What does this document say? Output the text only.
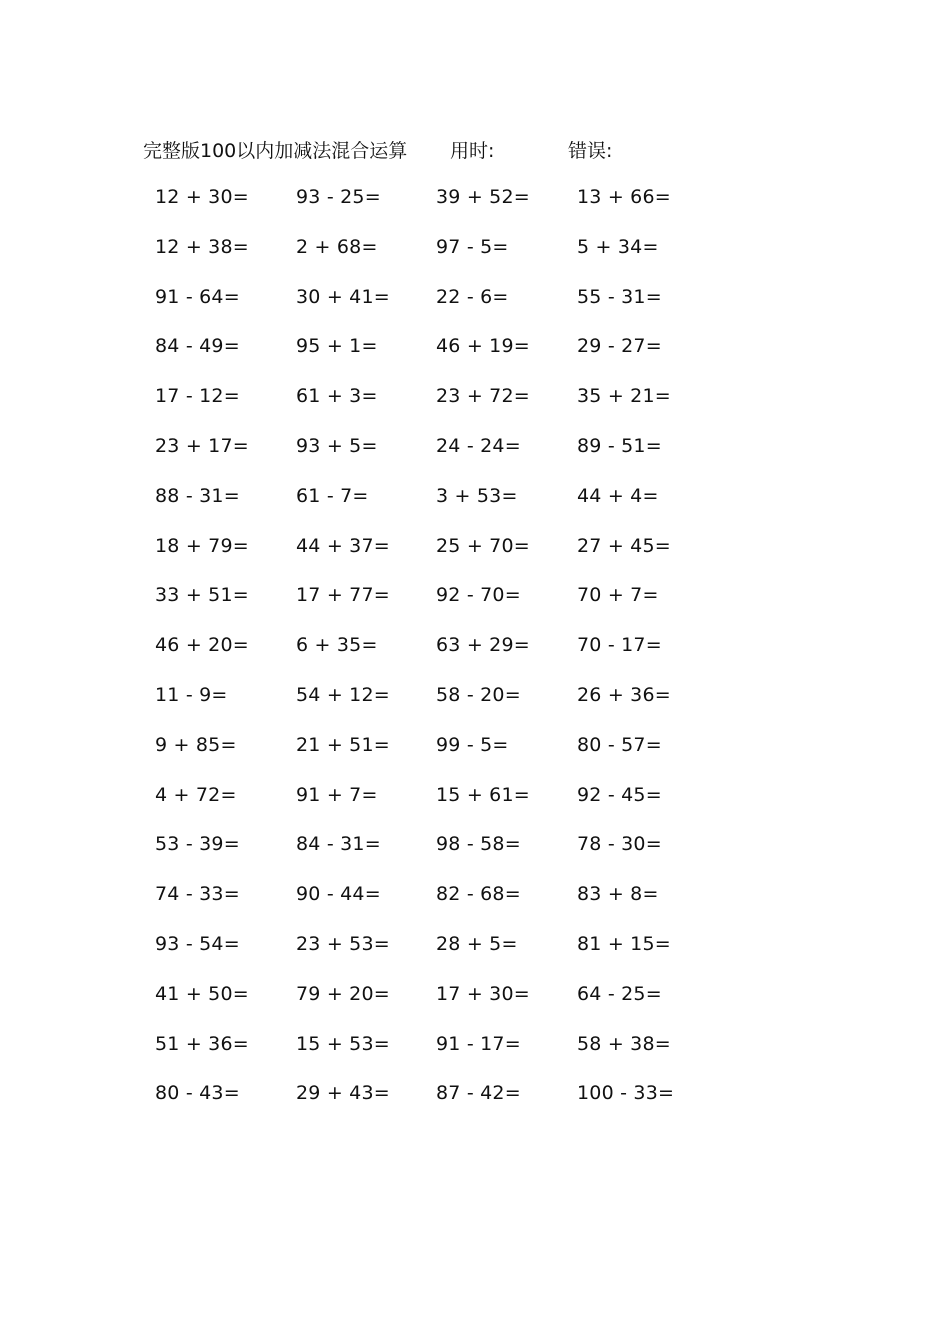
完整版100以内加减法混合运算 用时:	错误:
12 + 30= 93 - 25=	39 + 52= 13 + 66=
12 + 38= 2 + 68=	97 - 5=	5 + 34=
91 - 64=	30 + 41= 22 - 6=	55 - 31=
84 - 49=	95 + 1=	46 + 19= 29 - 27=
17 - 12=	61 + 3=	23 + 72= 35 + 21=
23 + 17= 93 + 5=	24 - 24=	89 - 51=
88 - 31=	61 - 7=	3 + 53=	44 + 4=
18 + 79= 44 + 37= 25 + 70= 27 + 45=
33 + 51= 17 + 77= 92 - 70=	70 + 7=
46 + 20= 6 + 35=	63 + 29= 70 - 17=
11 - 9=	54 + 12= 58 - 20=	26 + 36=
9 + 85=	21 + 51= 99 - 5=	80 - 57=
4 + 72=	91 + 7=	15 + 61= 92 - 45=
53 - 39=	84 - 31=	98 - 58=	78 - 30=
74 - 33=	90 - 44=	82 - 68=	83 + 8=
93 - 54=	23 + 53= 28 + 5=	81 + 15=
41 + 50= 79 + 20= 17 + 30= 64 - 25=
51 + 36= 15 + 53= 91 - 17=	58 + 38=
80 - 43=	29 + 43= 87 - 42=	100 - 33=
